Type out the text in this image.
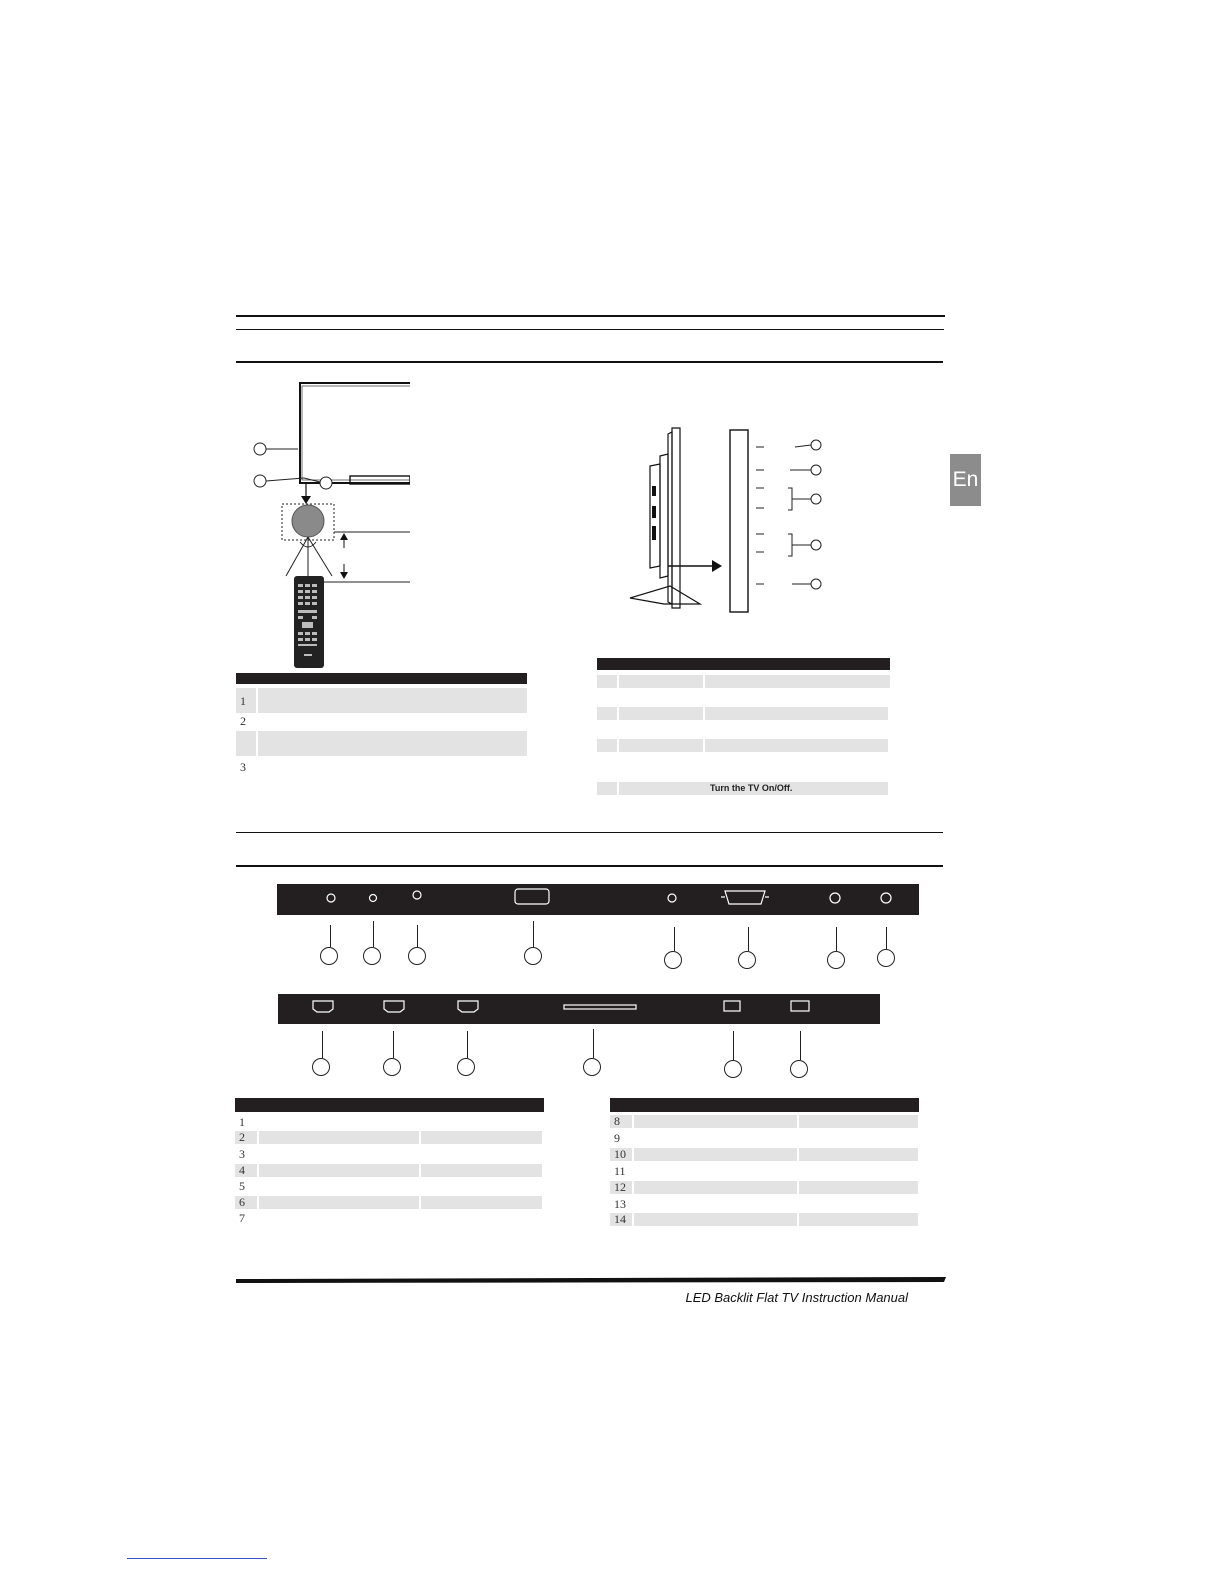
En
1
2
3
Turn the TV On/Off.
1
2
3
4
5
6
7
8
9
10
11
12
13
14
LED Backlit Flat TV Instruction Manual
